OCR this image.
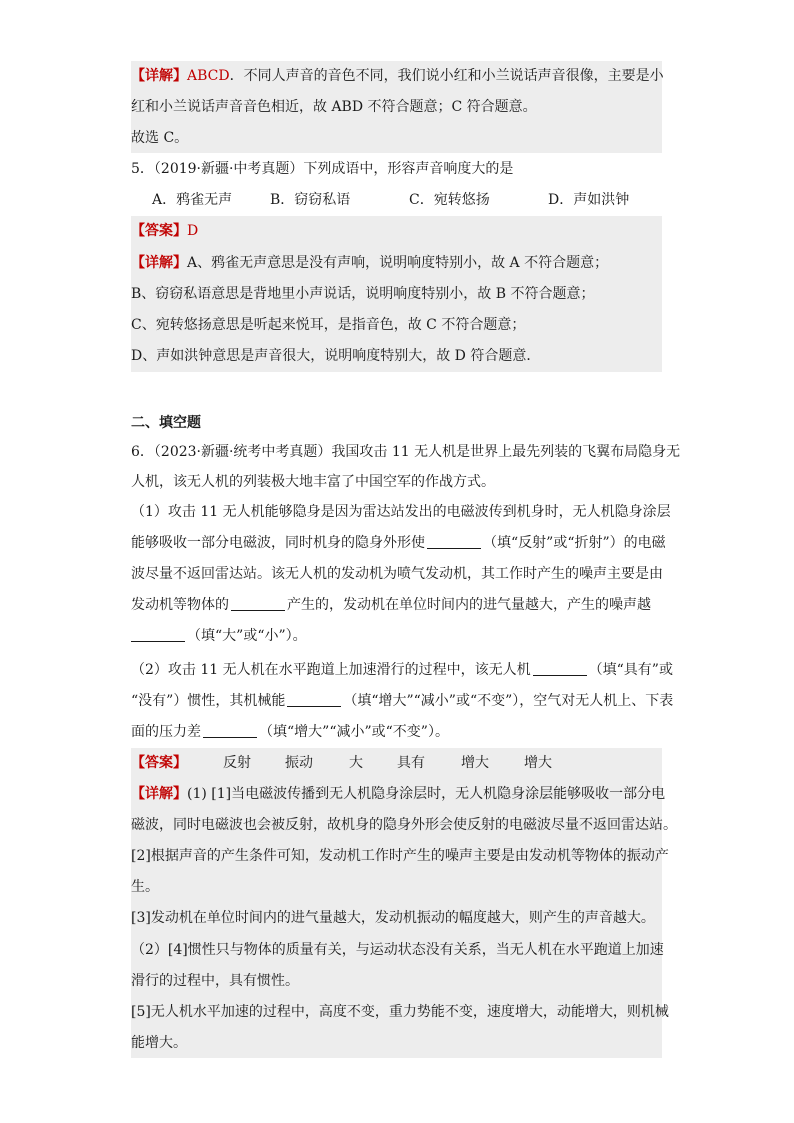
【详解】ABCD．不同人声音的音色不同，我们说小红和小兰说话声音很像，主要是小
红和小兰说话声音音色相近，故 ABD 不符合题意；C 符合题意。
故选 C。
5．（2019·新疆·中考真题）下列成语中，形容声音响度大的是
A．鸦雀无声	B．窃窃私语	C．宛转悠扬	D．声如洪钟
【答案】D
【详解】A、鸦雀无声意思是没有声响，说明响度特别小，故 A 不符合题意；
B、窃窃私语意思是背地里小声说话，说明响度特别小，故 B 不符合题意；
C、宛转悠扬意思是听起来悦耳，是指音色，故 C 不符合题意；
D、声如洪钟意思是声音很大，说明响度特别大，故 D 符合题意．
二、填空题
6．（2023·新疆·统考中考真题）我国攻击 11 无人机是世界上最先列装的飞翼布局隐身无
人机，该无人机的列装极大地丰富了中国空军的作战方式。
（1）攻击 11 无人机能够隐身是因为雷达站发出的电磁波传到机身时，无人机隐身涂层
能够吸收一部分电磁波，同时机身的隐身外形使	（填“反射”或“折射”）的电磁
波尽量不返回雷达站。该无人机的发动机为喷气发动机，其工作时产生的噪声主要是由
发动机等物体的	产生的，发动机在单位时间内的进气量越大，产生的噪声越
（填“大”或“小”）。
（2）攻击 11 无人机在水平跑道上加速滑行的过程中，该无人机	（填“具有”或
“没有”）惯性，其机械能	（填“增大”“减小”或“不变”），空气对无人机上、下表
面的压力差	（填“增大”“减小”或“不变”）。
【答案】	反射 振动	大 具有	增大	增大
【详解】(1) [1]当电磁波传播到无人机隐身涂层时，无人机隐身涂层能够吸收一部分电
磁波，同时电磁波也会被反射，故机身的隐身外形会使反射的电磁波尽量不返回雷达站。
[2]根据声音的产生条件可知，发动机工作时产生的噪声主要是由发动机等物体的振动产
生。
[3]发动机在单位时间内的进气量越大，发动机振动的幅度越大，则产生的声音越大。
（2）[4]惯性只与物体的质量有关，与运动状态没有关系，当无人机在水平跑道上加速
滑行的过程中，具有惯性。
[5]无人机水平加速的过程中，高度不变，重力势能不变，速度增大，动能增大，则机械
能增大。
